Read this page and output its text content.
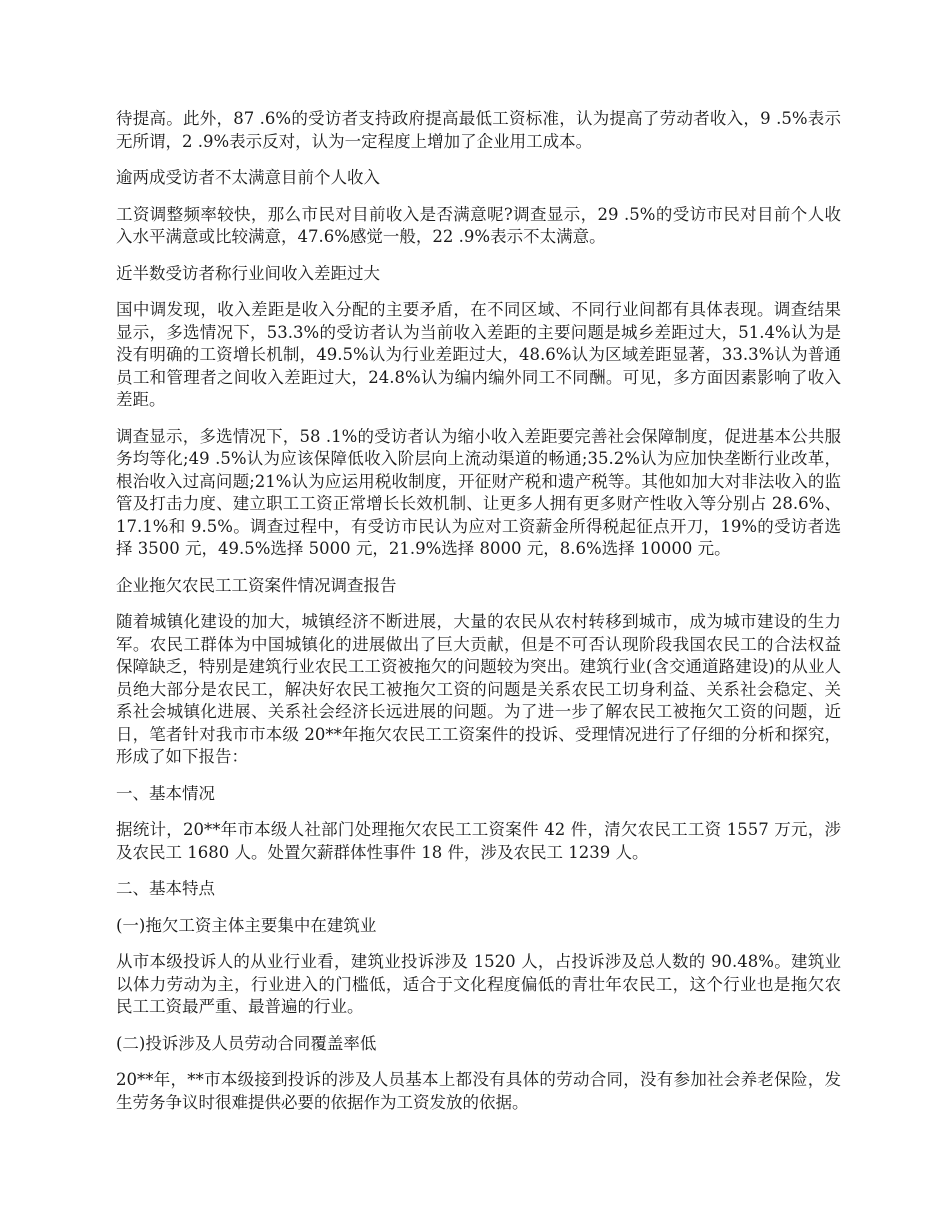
待提高。此外，87 .6%的受访者支持政府提高最低工资标准，认为提高了劳动者收入，9 .5%表示无所谓，2 .9%表示反对，认为一定程度上增加了企业用工成本。

逾两成受访者不太满意目前个人收入

工资调整频率较快，那么市民对目前收入是否满意呢?调查显示，29 .5%的受访市民对目前个人收入水平满意或比较满意，47.6%感觉一般，22 .9%表示不太满意。

近半数受访者称行业间收入差距过大

国中调发现，收入差距是收入分配的主要矛盾，在不同区域、不同行业间都有具体表现。调查结果显示，多选情况下，53.3%的受访者认为当前收入差距的主要问题是城乡差距过大，51.4%认为是没有明确的工资增长机制，49.5%认为行业差距过大，48.6%认为区域差距显著，33.3%认为普通员工和管理者之间收入差距过大，24.8%认为编内编外同工不同酬。可见，多方面因素影响了收入差距。

调查显示，多选情况下，58 .1%的受访者认为缩小收入差距要完善社会保障制度，促进基本公共服务均等化;49 .5%认为应该保障低收入阶层向上流动渠道的畅通;35.2%认为应加快垄断行业改革，根治收入过高问题;21%认为应运用税收制度，开征财产税和遗产税等。其他如加大对非法收入的监管及打击力度、建立职工工资正常增长长效机制、让更多人拥有更多财产性收入等分别占 28.6%、17.1%和 9.5%。调查过程中，有受访市民认为应对工资薪金所得税起征点开刀，19%的受访者选择 3500 元，49.5%选择 5000 元，21.9%选择 8000 元，8.6%选择 10000 元。

企业拖欠农民工工资案件情况调查报告

随着城镇化建设的加大，城镇经济不断进展，大量的农民从农村转移到城市，成为城市建设的生力军。农民工群体为中国城镇化的进展做出了巨大贡献，但是不可否认现阶段我国农民工的合法权益保障缺乏，特别是建筑行业农民工工资被拖欠的问题较为突出。建筑行业(含交通道路建设)的从业人员绝大部分是农民工，解决好农民工被拖欠工资的问题是关系农民工切身利益、关系社会稳定、关系社会城镇化进展、关系社会经济长远进展的问题。为了进一步了解农民工被拖欠工资的问题，近日，笔者针对我市市本级 20**年拖欠农民工工资案件的投诉、受理情况进行了仔细的分析和探究，形成了如下报告：

一、基本情况

据统计，20**年市本级人社部门处理拖欠农民工工资案件 42 件，清欠农民工工资 1557 万元，涉及农民工 1680 人。处置欠薪群体性事件 18 件，涉及农民工 1239 人。

二、基本特点

(一)拖欠工资主体主要集中在建筑业

从市本级投诉人的从业行业看，建筑业投诉涉及 1520 人，占投诉涉及总人数的 90.48%。建筑业以体力劳动为主，行业进入的门槛低，适合于文化程度偏低的青壮年农民工，这个行业也是拖欠农民工工资最严重、最普遍的行业。

(二)投诉涉及人员劳动合同覆盖率低

20**年，**市本级接到投诉的涉及人员基本上都没有具体的劳动合同，没有参加社会养老保险，发生劳务争议时很难提供必要的依据作为工资发放的依据。
